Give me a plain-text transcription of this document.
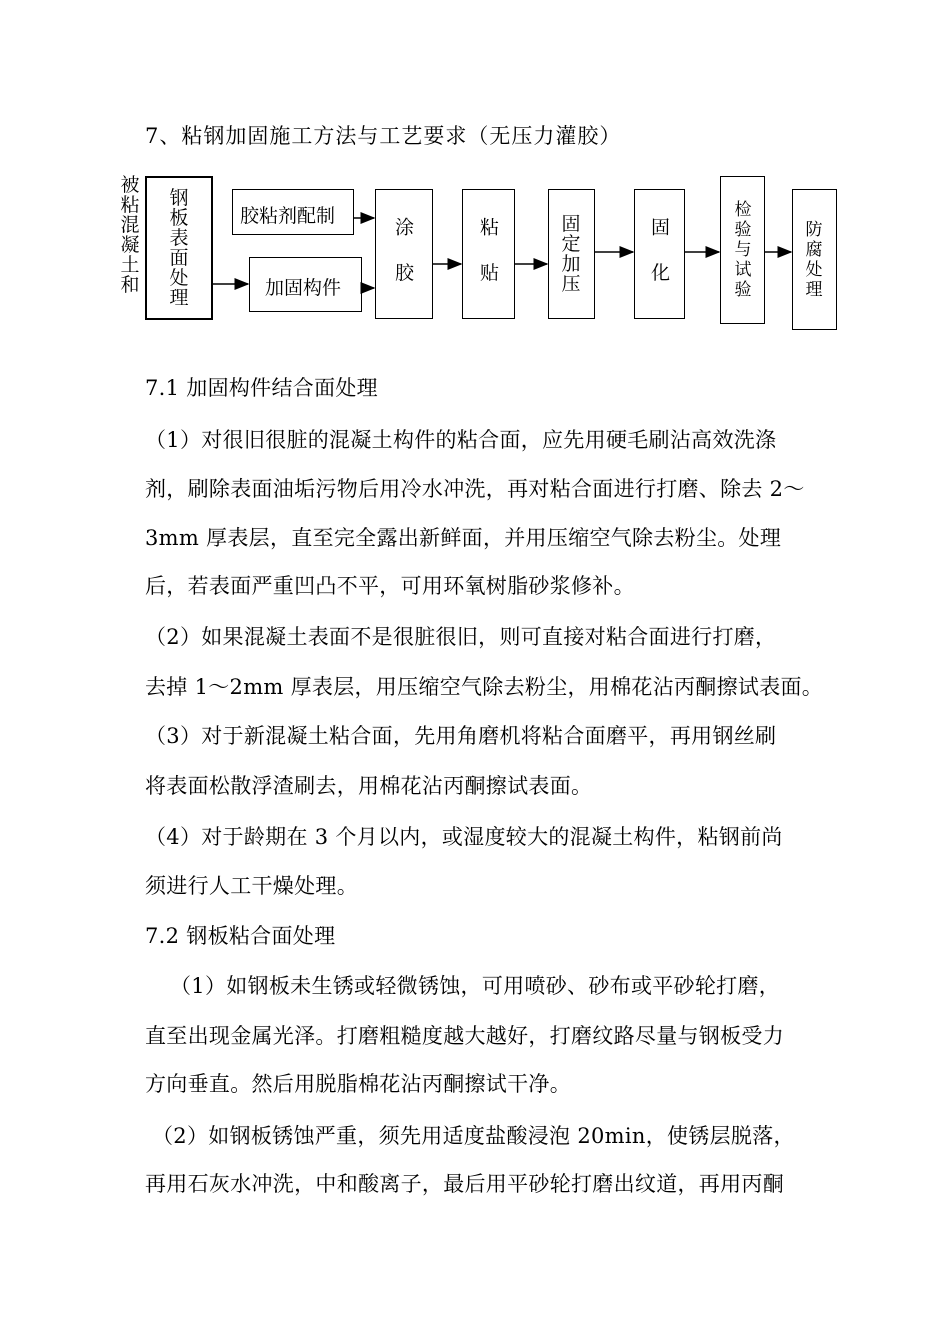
7、粘钢加固施工方法与工艺要求（无压力灌胶）
被粘混凝土和
钢板表面处理
胶粘剂配制
加固构件	涂 胶	粘 贴	固定加压	固 化
检验与试验
防腐处理
7.1 加固构件结合面处理
（1）对很旧很脏的混凝土构件的粘合面，应先用硬毛刷沾高效洗涤
剂，刷除表面油垢污物后用冷水冲洗，再对粘合面进行打磨、除去 2～
3mm 厚表层，直至完全露出新鲜面，并用压缩空气除去粉尘。处理
后，若表面严重凹凸不平，可用环氧树脂砂浆修补。
（2）如果混凝土表面不是很脏很旧，则可直接对粘合面进行打磨，
去掉 1～2mm 厚表层，用压缩空气除去粉尘，用棉花沾丙酮擦试表面。
（3）对于新混凝土粘合面，先用角磨机将粘合面磨平，再用钢丝刷
将表面松散浮渣刷去，用棉花沾丙酮擦试表面。
（4）对于龄期在 3 个月以内，或湿度较大的混凝土构件，粘钢前尚
须进行人工干燥处理。
7.2 钢板粘合面处理
（1）如钢板未生锈或轻微锈蚀，可用喷砂、砂布或平砂轮打磨，
直至出现金属光泽。打磨粗糙度越大越好，打磨纹路尽量与钢板受力
方向垂直。然后用脱脂棉花沾丙酮擦试干净。
（2）如钢板锈蚀严重，须先用适度盐酸浸泡 20min，使锈层脱落，
再用石灰水冲洗，中和酸离子，最后用平砂轮打磨出纹道，再用丙酮
